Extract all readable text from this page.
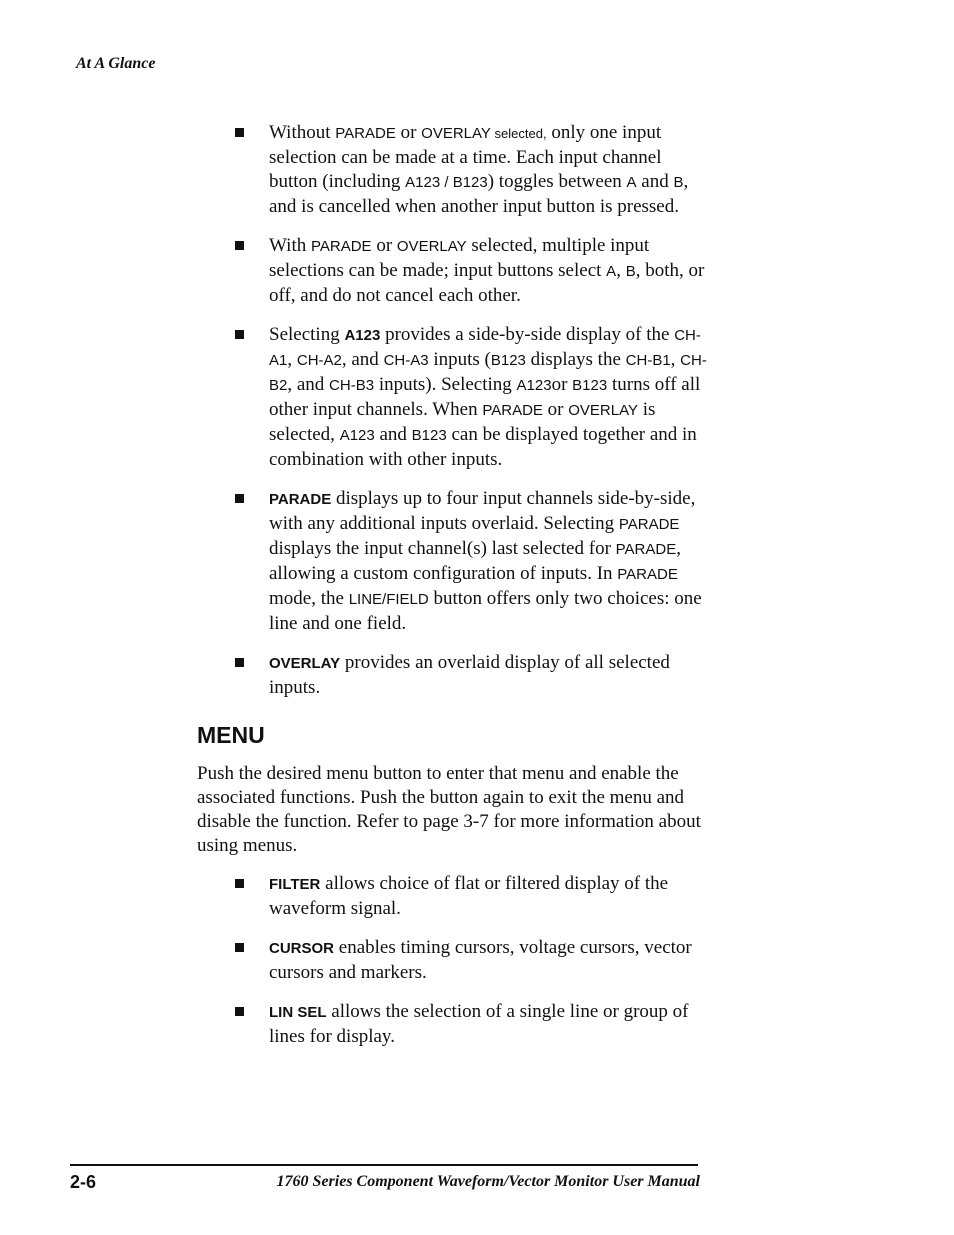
At A Glance
Without PARADE or OVERLAY selected, only one input selection can be made at a time. Each input channel button (including A123 / B123) toggles between A and B, and is cancelled when another input button is pressed.
With PARADE or OVERLAY selected, multiple input selections can be made; input buttons select A, B, both, or off, and do not cancel each other.
Selecting A123 provides a side-by-side display of the CH-A1, CH-A2, and CH-A3 inputs (B123 displays the CH-B1, CH-B2, and CH-B3 inputs). Selecting A123or B123 turns off all other input channels. When PARADE or OVERLAY is selected, A123 and B123 can be displayed together and in combination with other inputs.
PARADE displays up to four input channels side-by-side, with any additional inputs overlaid. Selecting PARADE displays the input channel(s) last selected for PARADE, allowing a custom configuration of inputs. In PARADE mode, the LINE/FIELD button offers only two choices: one line and one field.
OVERLAY provides an overlaid display of all selected inputs.
MENU

Push the desired menu button to enter that menu and enable the associated functions. Push the button again to exit the menu and disable the function. Refer to page 3-7 for more information about using menus.

FILTER allows choice of flat or filtered display of the waveform signal.
CURSOR enables timing cursors, voltage cursors, vector cursors and markers.
LIN SEL allows the selection of a single line or group of lines for display.
2-6	1760 Series Component Waveform/Vector Monitor User Manual
